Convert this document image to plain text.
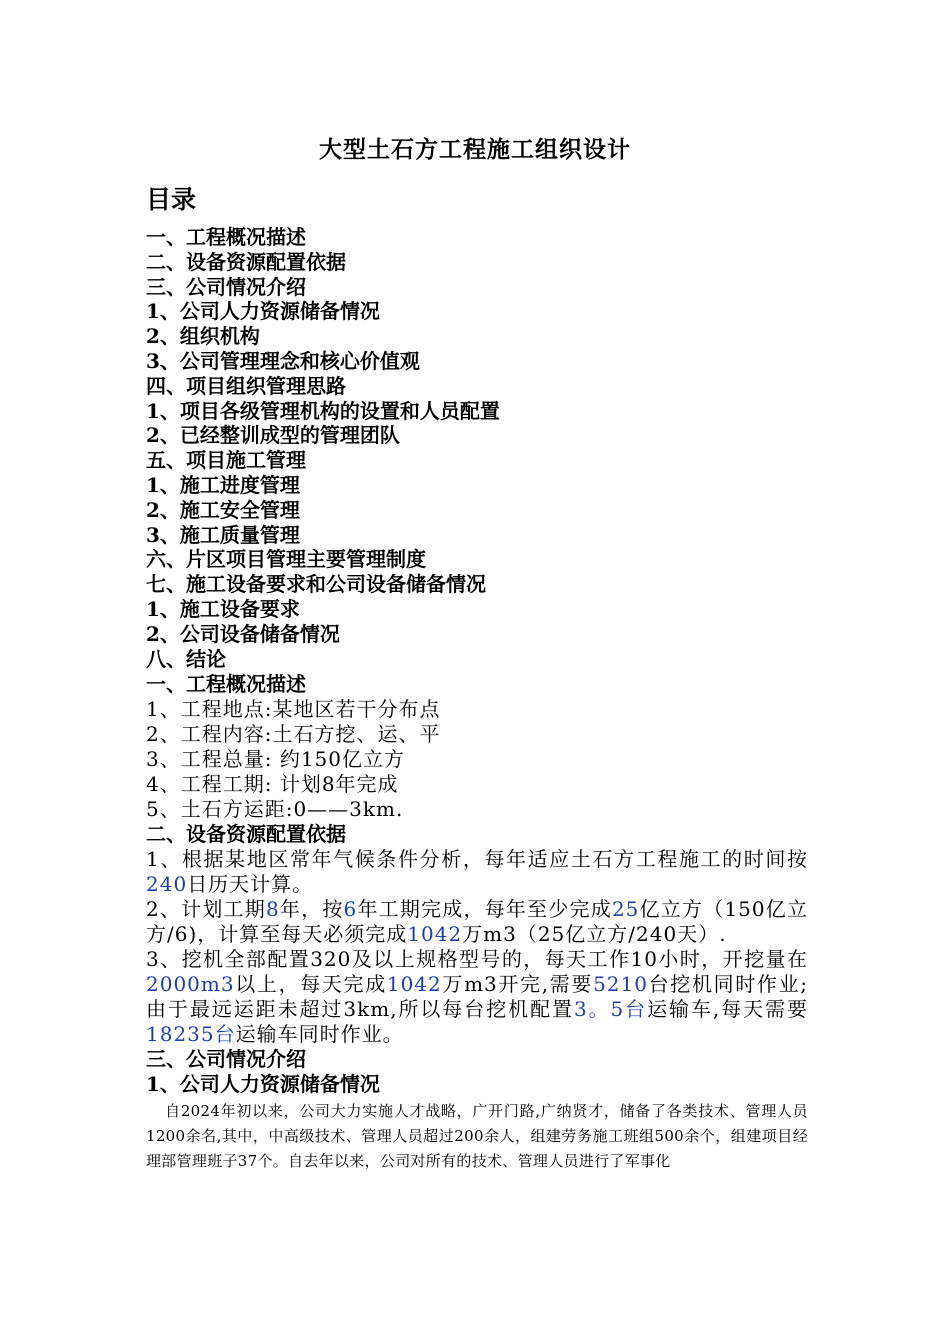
大型土石方工程施工组织设计
目录
一、工程概况描述
二、设备资源配置依据
三、公司情况介绍
1、公司人力资源储备情况
2、组织机构
3、公司管理理念和核心价值观
四、项目组织管理思路
1、项目各级管理机构的设置和人员配置
2、已经整训成型的管理团队
五、项目施工管理
1、施工进度管理
2、施工安全管理
3、施工质量管理
六、片区项目管理主要管理制度
七、施工设备要求和公司设备储备情况
1、施工设备要求
2、公司设备储备情况
八、结论
一、工程概况描述
1、工程地点:某地区若干分布点
2、工程内容:土石方挖、运、平
3、工程总量: 约150亿立方
4、工程工期: 计划8年完成
5、土石方运距:0——3km.
二、设备资源配置依据
1、根据某地区常年气候条件分析，每年适应土石方工程施工的时间按240日历天计算。
2、计划工期8年，按6年工期完成，每年至少完成25亿立方（150亿立方/6)，计算至每天必须完成1042万m3（25亿立方/240天）.
3、挖机全部配置320及以上规格型号的，每天工作10小时，开挖量在2000m3以上，每天完成1042万m3开完,需要5210台挖机同时作业;由于最远运距未超过3km,所以每台挖机配置3。5台运输车,每天需要18235台运输车同时作业。
三、公司情况介绍
1、公司人力资源储备情况
自2024年初以来，公司大力实施人才战略，广开门路,广纳贤才，储备了各类技术、管理人员1200余名,其中，中高级技术、管理人员超过200余人，组建劳务施工班组500余个，组建项目经理部管理班子37个。自去年以来，公司对所有的技术、管理人员进行了军事化
